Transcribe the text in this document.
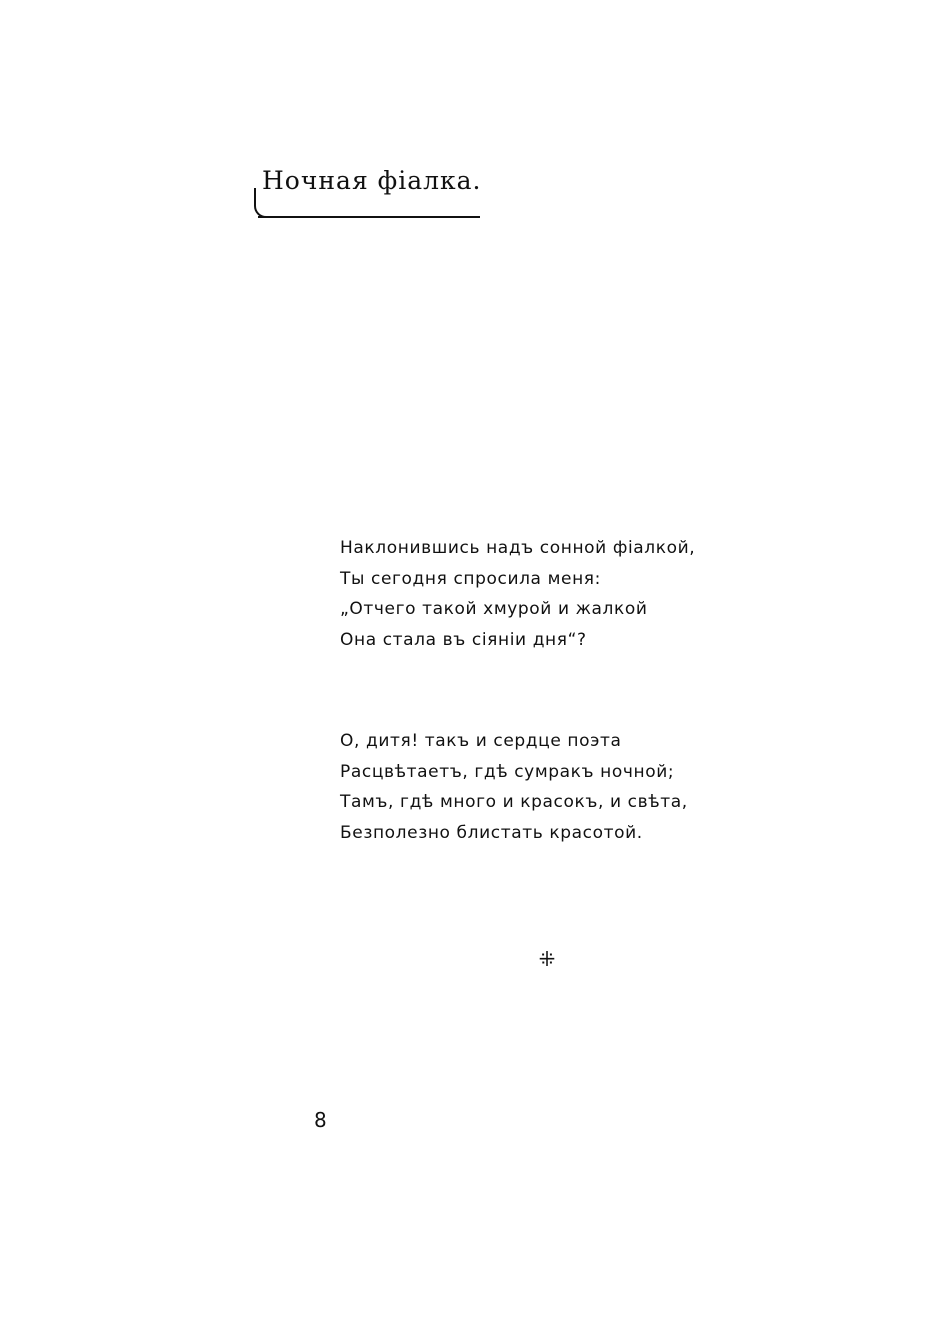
Ночная фіалка.
Наклонившись надъ сонной фіалкой,
Ты сегодня спросила меня:
„Отчего такой хмурой и жалкой
Она стала въ сіяніи дня“?
О, дитя! такъ и сердце поэта
Расцвѣтаетъ, гдѣ сумракъ ночной;
Тамъ, гдѣ много и красокъ, и свѣта,
Безполезно блистать красотой.
⁜
8
